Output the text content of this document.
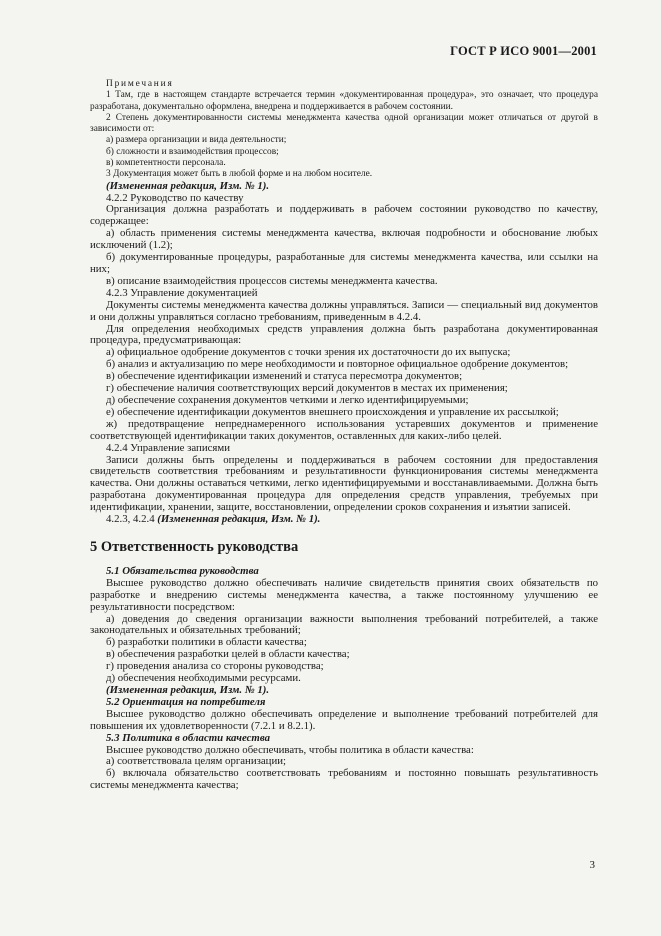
ГОСТ Р ИСО 9001—2001

Примечания

1 Там, где в настоящем стандарте встречается термин «документированная процедура», это означает, что процедура разработана, документально оформлена, внедрена и поддерживается в рабочем состоянии.

2 Степень документированности системы менеджмента качества одной организации может отличаться от другой в зависимости от:

а) размера организации и вида деятельности;

б) сложности и взаимодействия процессов;

в) компетентности персонала.

3 Документация может быть в любой форме и на любом носителе.

(Измененная редакция, Изм. № 1).

4.2.2 Руководство по качеству

Организация должна разработать и поддерживать в рабочем состоянии руководство по качеству, содержащее:

а) область применения системы менеджмента качества, включая подробности и обоснование любых исключений (1.2);

б) документированные процедуры, разработанные для системы менеджмента качества, или ссылки на них;

в) описание взаимодействия процессов системы менеджмента качества.

4.2.3 Управление документацией

Документы системы менеджмента качества должны управляться. Записи — специальный вид документов и они должны управляться согласно требованиям, приведенным в 4.2.4.

Для определения необходимых средств управления должна быть разработана документированная процедура, предусматривающая:

а) официальное одобрение документов с точки зрения их достаточности до их выпуска;

б) анализ и актуализацию по мере необходимости и повторное официальное одобрение документов;

в) обеспечение идентификации изменений и статуса пересмотра документов;

г) обеспечение наличия соответствующих версий документов в местах их применения;

д) обеспечение сохранения документов четкими и легко идентифицируемыми;

е) обеспечение идентификации документов внешнего происхождения и управление их рассылкой;

ж) предотвращение непреднамеренного использования устаревших документов и применение соответствующей идентификации таких документов, оставленных для каких-либо целей.

4.2.4 Управление записями

Записи должны быть определены и поддерживаться в рабочем состоянии для предоставления свидетельств соответствия требованиям и результативности функционирования системы менеджмента качества. Они должны оставаться четкими, легко идентифицируемыми и восстанавливаемыми. Должна быть разработана документированная процедура для определения средств управления, требуемых при идентификации, хранении, защите, восстановлении, определении сроков сохранения и изъятии записей.

4.2.3, 4.2.4 (Измененная редакция, Изм. № 1).

5 Ответственность руководства

5.1 Обязательства руководства

Высшее руководство должно обеспечивать наличие свидетельств принятия своих обязательств по разработке и внедрению системы менеджмента качества, а также постоянному улучшению ее результативности посредством:

а) доведения до сведения организации важности выполнения требований потребителей, а также законодательных и обязательных требований;

б) разработки политики в области качества;

в) обеспечения разработки целей в области качества;

г) проведения анализа со стороны руководства;

д) обеспечения необходимыми ресурсами.

(Измененная редакция, Изм. № 1).

5.2 Ориентация на потребителя

Высшее руководство должно обеспечивать определение и выполнение требований потребителей для повышения их удовлетворенности (7.2.1 и 8.2.1).

5.3 Политика в области качества

Высшее руководство должно обеспечивать, чтобы политика в области качества:

а) соответствовала целям организации;

б) включала обязательство соответствовать требованиям и постоянно повышать результативность системы менеджмента качества;

3
